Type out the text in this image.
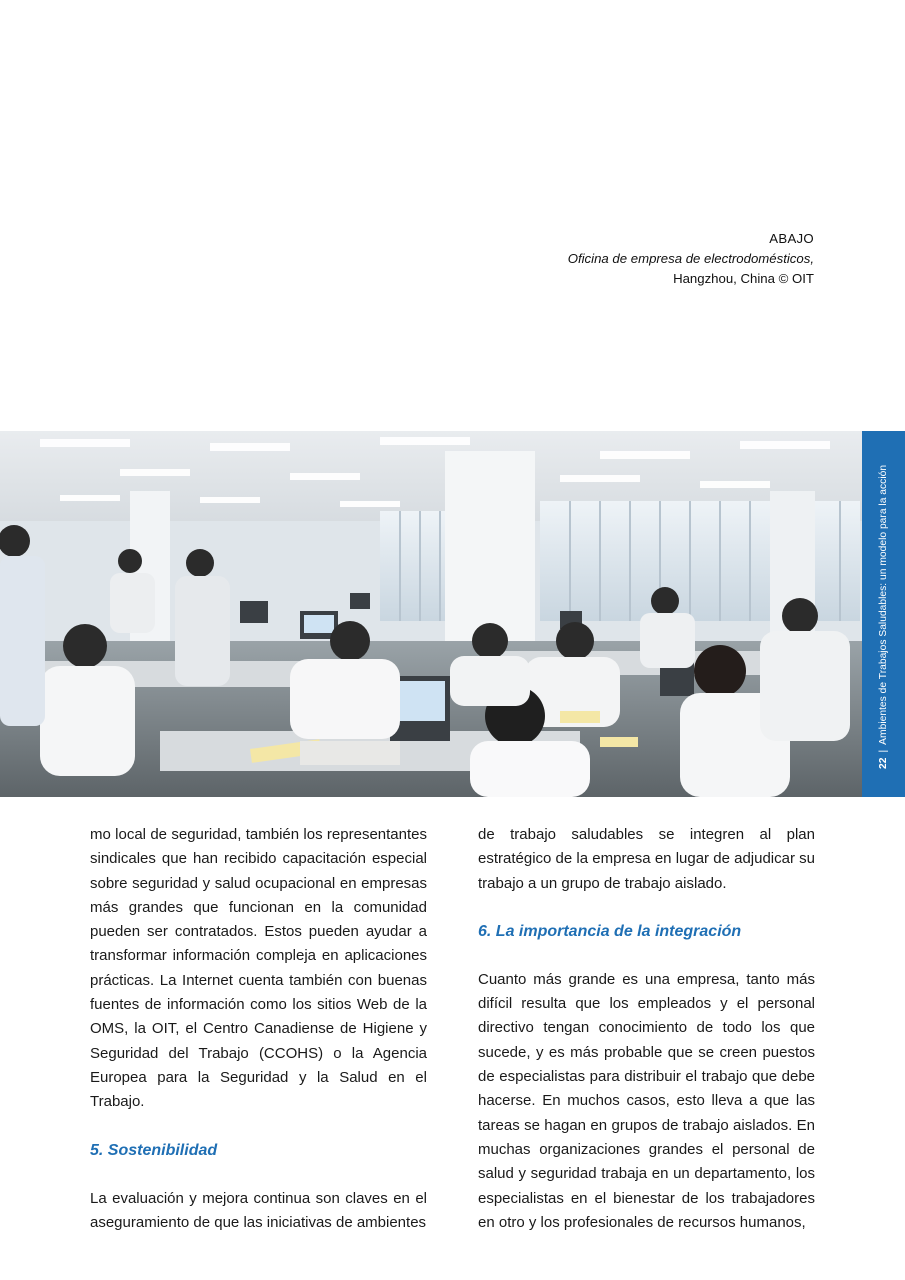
ABAJO
Oficina de empresa de electrodomésticos,
Hangzhou, China © OIT
22|Ambientes de Trabajos Saludables: un modelo para la acción

mo local de seguridad, también los representantes sindicales que han recibido capacitación especial sobre seguridad y salud ocupacional en empresas más grandes que funcionan en la comunidad pueden ser contratados. Estos pueden ayudar a transformar información compleja en aplicaciones prácticas. La Internet cuenta también con buenas fuentes de información como los sitios Web de la OMS, la OIT, el Centro Canadiense de Higiene y Seguridad del Trabajo (CCOHS) o la Agencia Europea para la Seguridad y la Salud en el Trabajo.

5. Sostenibilidad

La evaluación y mejora continua son claves en el aseguramiento de que las iniciativas de ambientes

de trabajo saludables se integren al plan estratégico de la empresa en lugar de adjudicar su trabajo a un grupo de trabajo aislado.

6. La importancia de la integración

Cuanto más grande es una empresa, tanto más difícil resulta que los empleados y el personal directivo tengan conocimiento de todo los que sucede, y es más probable que se creen puestos de especialistas para distribuir el trabajo que debe hacerse. En muchos casos, esto lleva a que las tareas se hagan en grupos de trabajo aislados. En muchas organizaciones grandes el personal de salud y seguridad trabaja en un departamento, los especialistas en el bienestar de los trabajadores en otro y los profesionales de recursos humanos,
